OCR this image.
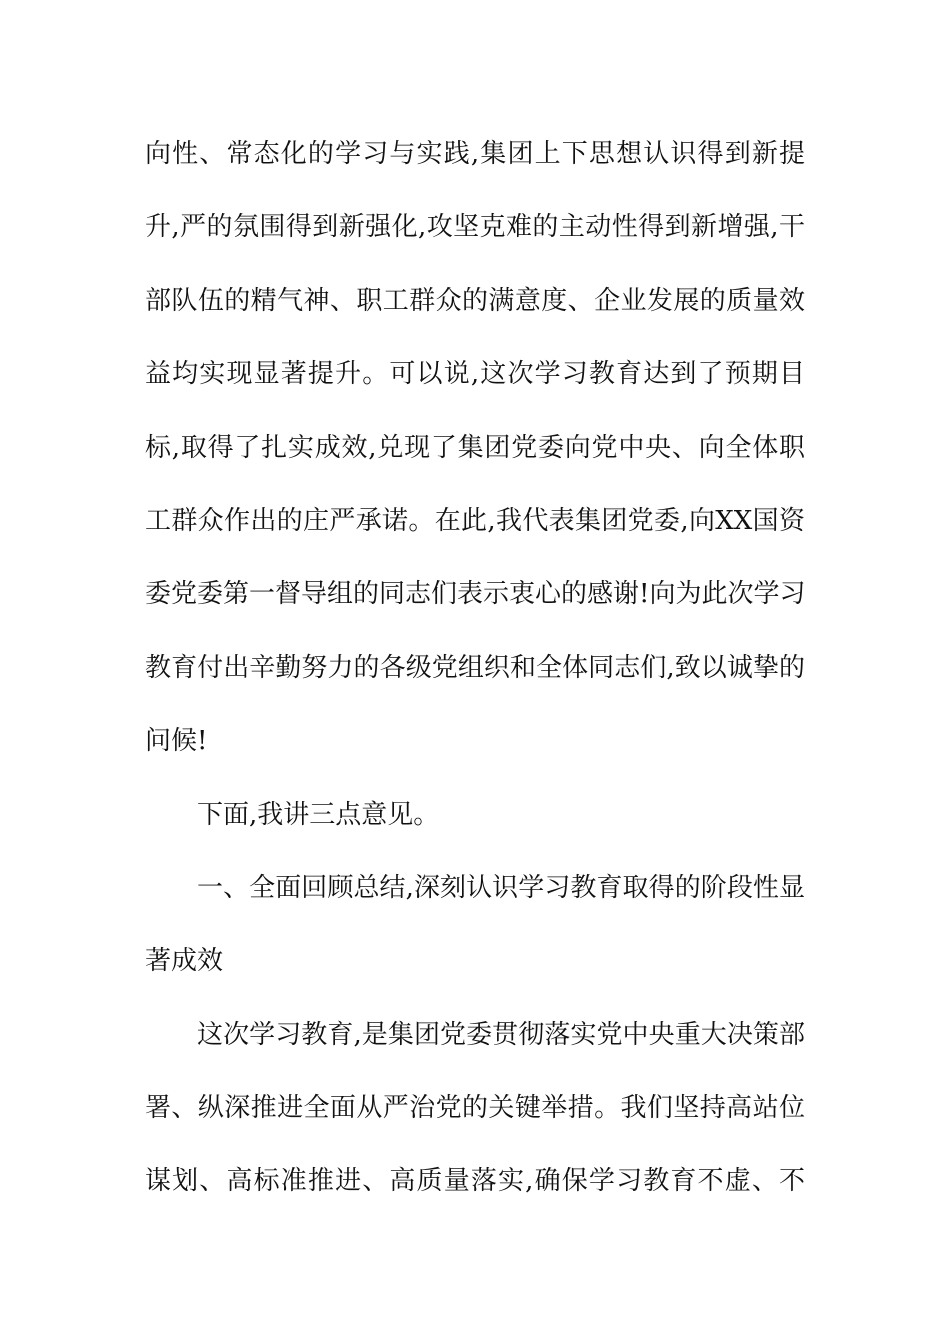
向性、常态化的学习与实践,集团上下思想认识得到新提
升,严的氛围得到新强化,攻坚克难的主动性得到新增强,干
部队伍的精气神、职工群众的满意度、企业发展的质量效
益均实现显著提升。可以说,这次学习教育达到了预期目
标,取得了扎实成效,兑现了集团党委向党中央、向全体职
工群众作出的庄严承诺。在此,我代表集团党委,向XX国资
委党委第一督导组的同志们表示衷心的感谢!向为此次学习
教育付出辛勤努力的各级党组织和全体同志们,致以诚挚的
问候!
下面,我讲三点意见。
一、全面回顾总结,深刻认识学习教育取得的阶段性显
著成效
这次学习教育,是集团党委贯彻落实党中央重大决策部
署、纵深推进全面从严治党的关键举措。我们坚持高站位
谋划、高标准推进、高质量落实,确保学习教育不虚、不
